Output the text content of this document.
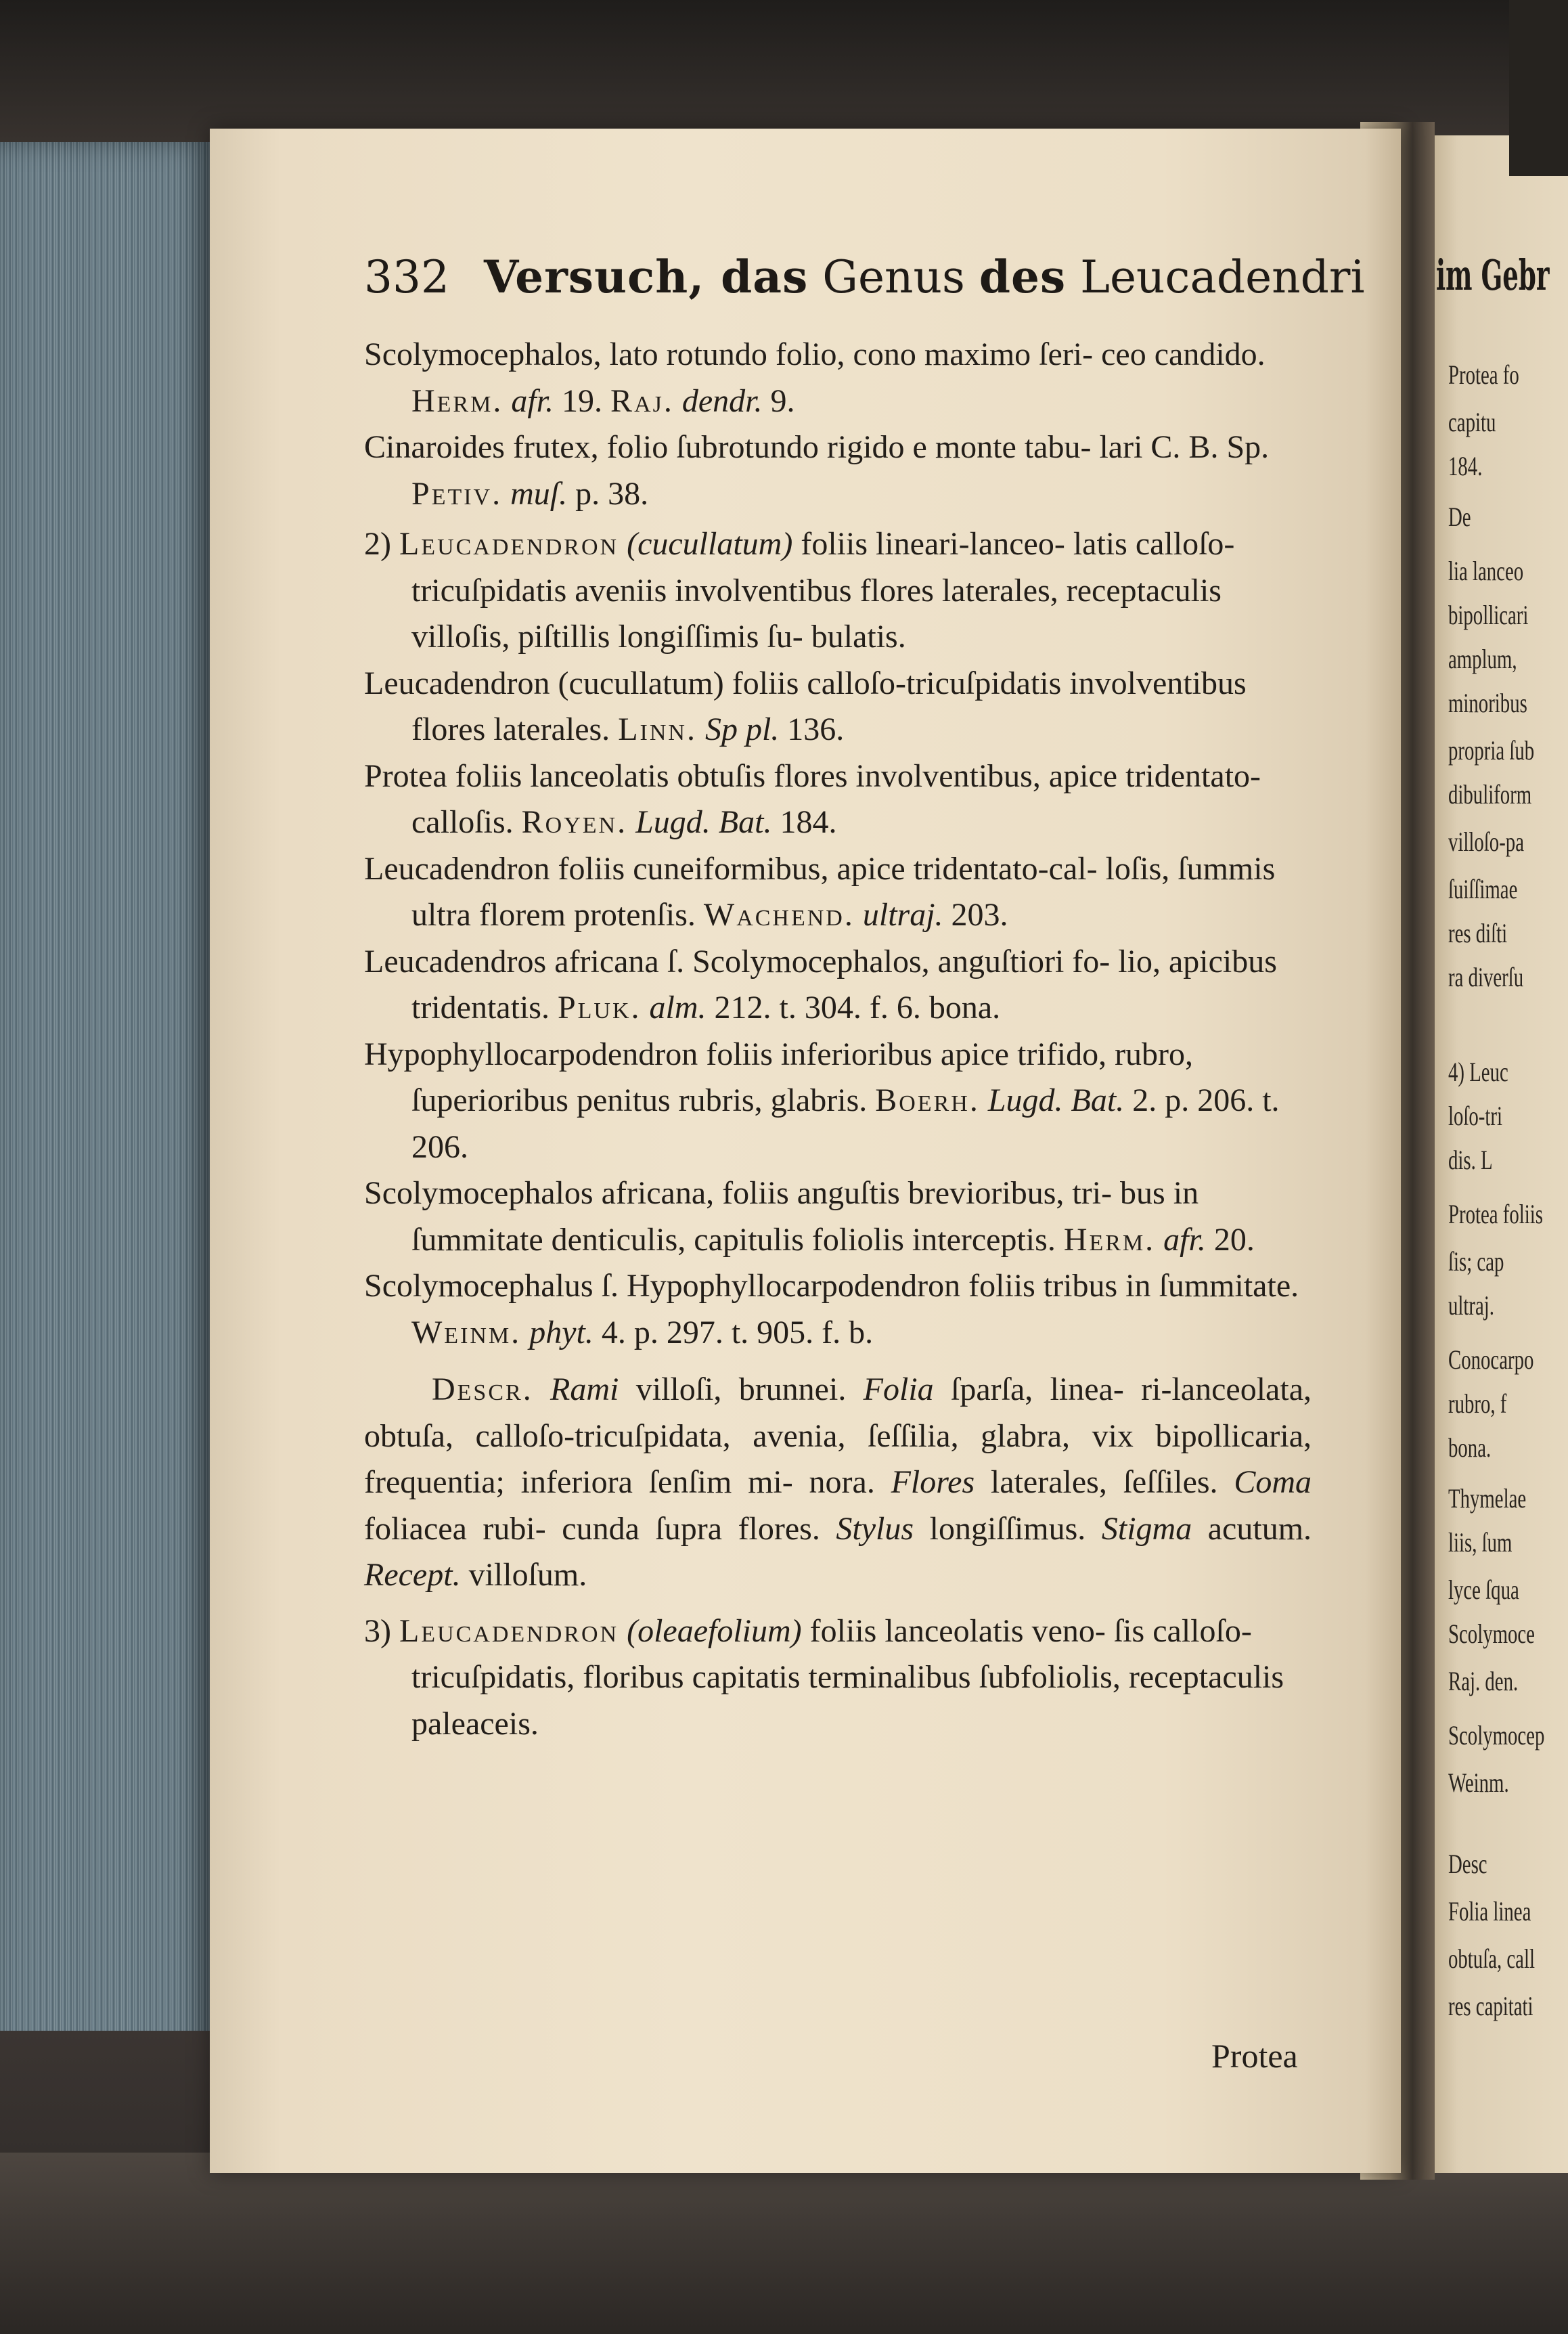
332 Versuch, das Genus des Leucadendri

Scolymocephalos, lato rotundo folio, cono maximo ſeri- ceo candido. Herm. afr. 19. Raj. dendr. 9.

Cinaroides frutex, folio ſubrotundo rigido e monte tabu- lari C. B. Sp. Petiv. muſ. p. 38.

2) Leucadendron (cucullatum) foliis lineari-lanceo- latis calloſo-tricuſpidatis aveniis involventibus flores laterales, receptaculis villoſis, piſtillis longiſſimis ſu- bulatis.

Leucadendron (cucullatum) foliis calloſo-tricuſpidatis involventibus flores laterales. Linn. Sp pl. 136.

Protea foliis lanceolatis obtuſis flores involventibus, apice tridentato-calloſis. Royen. Lugd. Bat. 184.

Leucadendron foliis cuneiformibus, apice tridentato-cal- loſis, ſummis ultra florem protenſis. Wachend. ultraj. 203.

Leucadendros africana ſ. Scolymocephalos, anguſtiori fo- lio, apicibus tridentatis. Pluk. alm. 212. t. 304. f. 6. bona.

Hypophyllocarpodendron foliis inferioribus apice trifido, rubro, ſuperioribus penitus rubris, glabris. Boerh. Lugd. Bat. 2. p. 206. t. 206.

Scolymocephalos africana, foliis anguſtis brevioribus, tri- bus in ſummitate denticulis, capitulis foliolis interceptis. Herm. afr. 20.

Scolymocephalus ſ. Hypophyllocarpodendron foliis tribus in ſummitate. Weinm. phyt. 4. p. 297. t. 905. f. b.

Descr. Rami villoſi, brunnei. Folia ſparſa, linea- ri-lanceolata, obtuſa, calloſo-tricuſpidata, avenia, ſeſſilia, glabra, vix bipollicaria, frequentia; inferiora ſenſim mi- nora. Flores laterales, ſeſſiles. Coma foliacea rubi- cunda ſupra flores. Stylus longiſſimus. Stigma acutum. Recept. villoſum.

3) Leucadendron (oleaefolium) foliis lanceolatis veno- ſis calloſo-tricuſpidatis, floribus capitatis terminalibus ſubfoliolis, receptaculis paleaceis.

Protea
im Gebr
Protea fo
capitu
184.
De
lia lanceo
bipollicari
amplum,
minoribus
propria ſub
dibuliform
villoſo-pa
ſuiſſimae
res diſti
ra diverſu
4) Leuc
loſo-tri
dis. L
Protea foliis
ſis; cap
ultraj.
Conocarpo
rubro, f
bona.
Thymelae
liis, ſum
lyce ſqua
Scolymoce
Raj. den.
Scolymocep
Weinm.
Desc
Folia linea
obtuſa, call
res capitati
